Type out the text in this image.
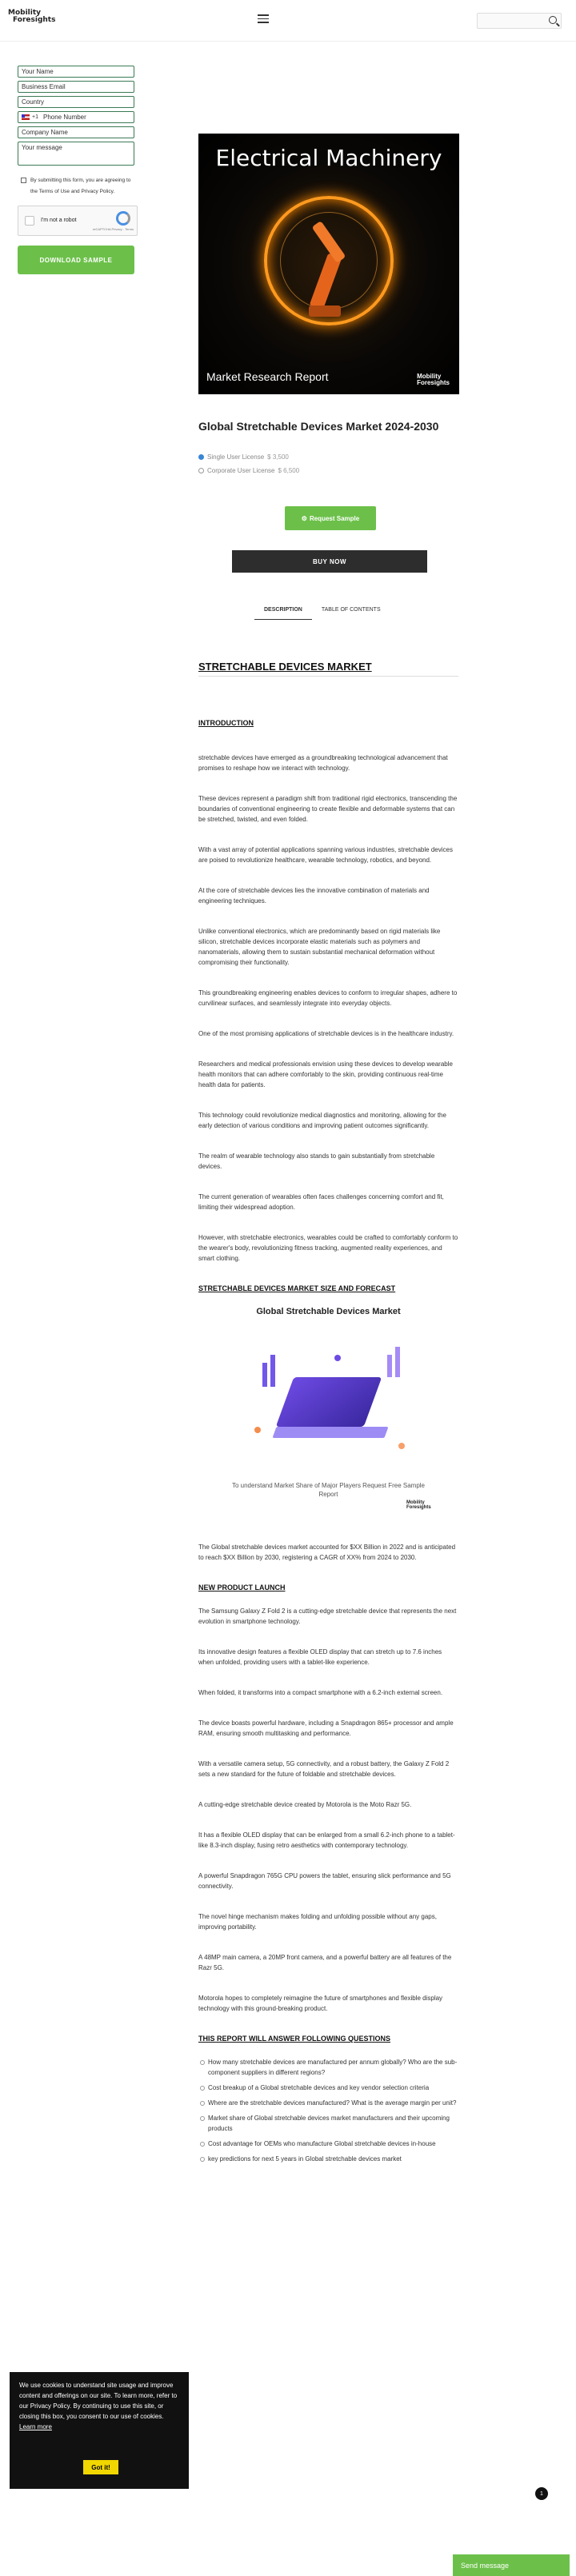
Mobility
Foresights
Your Name
Business Email
Country
+1 Phone Number
Company Name
Your message
By submitting this form, you are agreeing to the Terms of Use and Privacy Policy.
I'm not a robot
reCAPTCHA Privacy - Terms
DOWNLOAD SAMPLE
Electrical Machinery
Market Research Report	Mobility
Foresights
Global Stretchable Devices Market 2024-2030
Single User License $ 3,500
Corporate User License $ 6,500
⚙ Request Sample
BUY NOW
DESCRIPTION	TABLE OF CONTENTS
STRETCHABLE DEVICES MARKET
INTRODUCTION

stretchable devices have emerged as a groundbreaking technological advancement that promises to reshape how we interact with technology.

These devices represent a paradigm shift from traditional rigid electronics, transcending the boundaries of conventional engineering to create flexible and deformable systems that can be stretched, twisted, and even folded.

With a vast array of potential applications spanning various industries, stretchable devices are poised to revolutionize healthcare, wearable technology, robotics, and beyond.

At the core of stretchable devices lies the innovative combination of materials and engineering techniques.

Unlike conventional electronics, which are predominantly based on rigid materials like silicon, stretchable devices incorporate elastic materials such as polymers and nanomaterials, allowing them to sustain substantial mechanical deformation without compromising their functionality.

This groundbreaking engineering enables devices to conform to irregular shapes, adhere to curvilinear surfaces, and seamlessly integrate into everyday objects.

One of the most promising applications of stretchable devices is in the healthcare industry.

Researchers and medical professionals envision using these devices to develop wearable health monitors that can adhere comfortably to the skin, providing continuous real-time health data for patients.

This technology could revolutionize medical diagnostics and monitoring, allowing for the early detection of various conditions and improving patient outcomes significantly.

The realm of wearable technology also stands to gain substantially from stretchable devices.

The current generation of wearables often faces challenges concerning comfort and fit, limiting their widespread adoption.

However, with stretchable electronics, wearables could be crafted to comfortably conform to the wearer's body, revolutionizing fitness tracking, augmented reality experiences, and smart clothing.

STRETCHABLE DEVICES MARKET SIZE AND FORECAST
Global Stretchable Devices Market
To understand Market Share of Major Players Request Free Sample Report
Mobility
Foresights

The Global stretchable devices market accounted for $XX Billion in 2022 and is anticipated to reach $XX Billion by 2030, registering a CAGR of XX% from 2024 to 2030.

NEW PRODUCT LAUNCH

The Samsung Galaxy Z Fold 2 is a cutting-edge stretchable device that represents the next evolution in smartphone technology.

Its innovative design features a flexible OLED display that can stretch up to 7.6 inches when unfolded, providing users with a tablet-like experience.

When folded, it transforms into a compact smartphone with a 6.2-inch external screen.

The device boasts powerful hardware, including a Snapdragon 865+ processor and ample RAM, ensuring smooth multitasking and performance.

With a versatile camera setup, 5G connectivity, and a robust battery, the Galaxy Z Fold 2 sets a new standard for the future of foldable and stretchable devices.

A cutting-edge stretchable device created by Motorola is the Moto Razr 5G.

It has a flexible OLED display that can be enlarged from a small 6.2-inch phone to a tablet-like 8.3-inch display, fusing retro aesthetics with contemporary technology.

A powerful Snapdragon 765G CPU powers the tablet, ensuring slick performance and 5G connectivity.

The novel hinge mechanism makes folding and unfolding possible without any gaps, improving portability.

A 48MP main camera, a 20MP front camera, and a powerful battery are all features of the Razr 5G.

Motorola hopes to completely reimagine the future of smartphones and flexible display technology with this ground-breaking product.

THIS REPORT WILL ANSWER FOLLOWING QUESTIONS
How many stretchable devices are manufactured per annum globally? Who are the sub-component suppliers in different regions?
Cost breakup of a Global stretchable devices and key vendor selection criteria
Where are the stretchable devices manufactured? What is the average margin per unit?
Market share of Global stretchable devices market manufacturers and their upcoming products
Cost advantage for OEMs who manufacture Global stretchable devices in-house
key predictions for next 5 years in Global stretchable devices market
We use cookies to understand site usage and improve content and offerings on our site. To learn more, refer to our Privacy Policy. By continuing to use this site, or closing this box, you consent to our use of cookies. Learn more
Got it!
1
Send message
